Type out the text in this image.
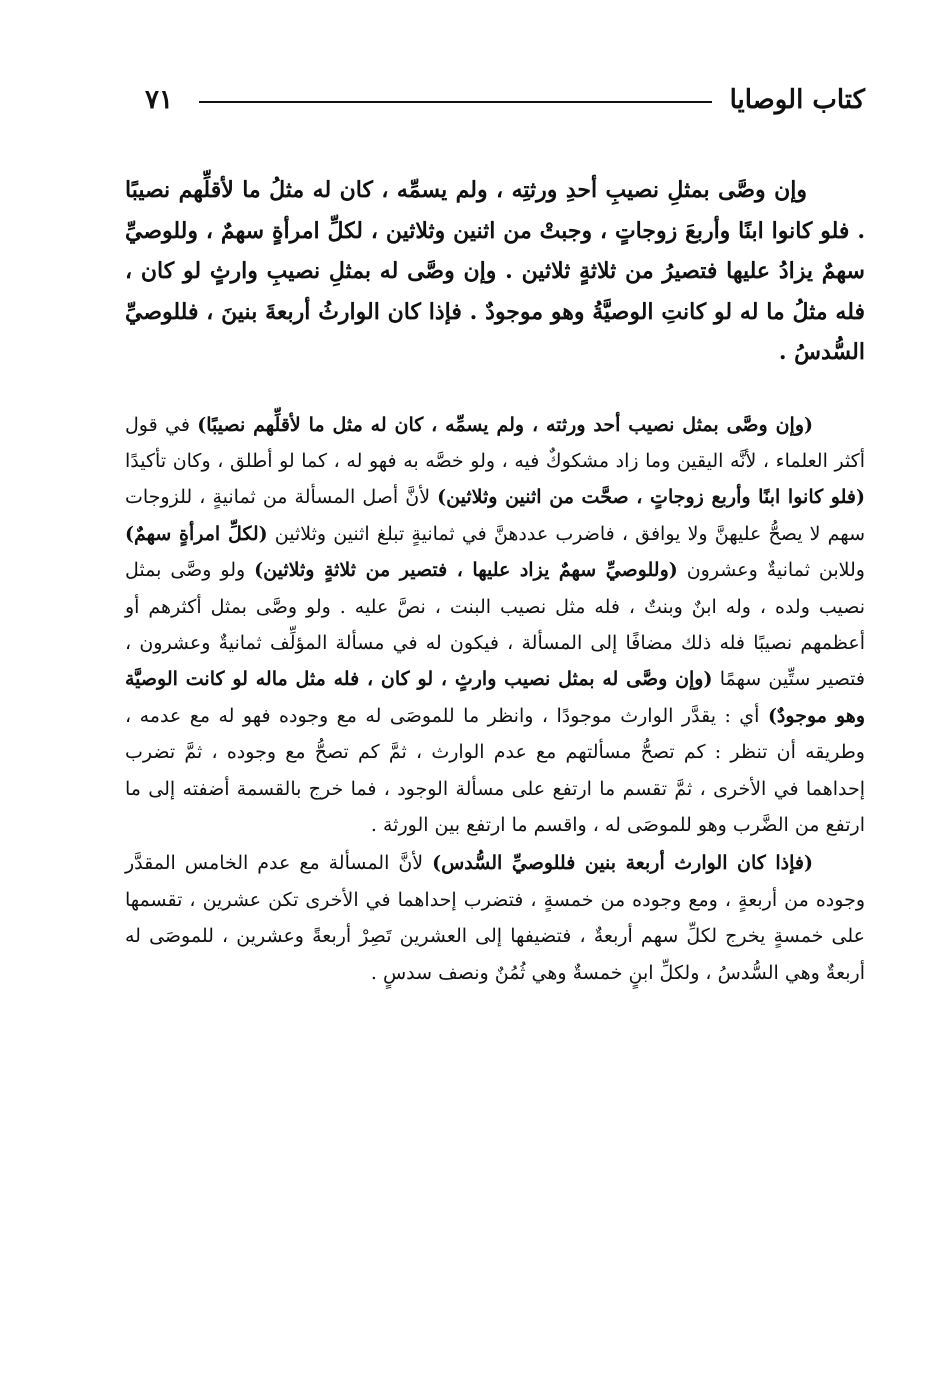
كتاب الوصايا
٧١
وإن وصَّى بمثلِ نصيبِ أحدِ ورثتِه ، ولم يسمِّه ، كان له مثلُ ما لأقلِّهم نصيبًا . فلو كانوا ابنًا وأربعَ زوجاتٍ ، وجبتْ من اثنين وثلاثين ، لكلِّ امرأةٍ سهمٌ ، وللوصيِّ سهمٌ يزادُ عليها فتصيرُ من ثلاثةٍ ثلاثين . وإن وصَّى له بمثلِ نصيبِ وارثٍ لو كان ، فله مثلُ ما له لو كانتِ الوصيَّةُ وهو موجودٌ . فإذا كان الوارثُ أربعةَ بنينَ ، فللوصيِّ السُّدسُ .

(وإن وصَّى بمثل نصيب أحد ورثته ، ولم يسمِّه ، كان له مثل ما لأقلِّهم نصيبًا) في قول أكثر العلماء ، لأنَّه اليقين وما زاد مشكوكٌ فيه ، ولو خصَّه به فهو له ، كما لو أطلق ، وكان تأكيدًا (فلو كانوا ابنًا وأربع زوجاتٍ ، صحَّت من اثنين وثلاثين) لأنَّ أصل المسألة من ثمانيةٍ ، للزوجات سهم لا يصحُّ عليهنَّ ولا يوافق ، فاضرب عددهنَّ في ثمانيةٍ تبلغ اثنين وثلاثين (لكلِّ امرأةٍ سهمٌ) وللابن ثمانيةٌ وعشرون (وللوصيِّ سهمٌ يزاد عليها ، فتصير من ثلاثةٍ وثلاثين) ولو وصَّى بمثل نصيب ولده ، وله ابنٌ وبنتٌ ، فله مثل نصيب البنت ، نصَّ عليه . ولو وصَّى بمثل أكثرهم أو أعظمهم نصيبًا فله ذلك مضافًا إلى المسألة ، فيكون له في مسألة المؤلِّف ثمانيةٌ وعشرون ، فتصير ستِّين سهمًا (وإن وصَّى له بمثل نصيب وارثٍ ، لو كان ، فله مثل ماله لو كانت الوصيَّة وهو موجودٌ) أي : يقدَّر الوارث موجودًا ، وانظر ما للموصَى له مع وجوده فهو له مع عدمه ، وطريقه أن تنظر : كم تصحُّ مسألتهم مع عدم الوارث ، ثمَّ كم تصحُّ مع وجوده ، ثمَّ تضرب إحداهما في الأخرى ، ثمَّ تقسم ما ارتفع على مسألة الوجود ، فما خرج بالقسمة أضفته إلى ما ارتفع من الضَّرب وهو للموصَى له ، واقسم ما ارتفع بين الورثة .

(فإذا كان الوارث أربعة بنين فللوصيِّ السُّدس) لأنَّ المسألة مع عدم الخامس المقدَّر وجوده من أربعةٍ ، ومع وجوده من خمسةٍ ، فتضرب إحداهما في الأخرى تكن عشرين ، تقسمها على خمسةٍ يخرج لكلِّ سهم أربعةٌ ، فتضيفها إلى العشرين تَصِرْ أربعةً وعشرين ، للموصَى له أربعةٌ وهي السُّدسُ ، ولكلِّ ابنٍ خمسةٌ وهي ثُمُنٌ ونصف سدسٍ .
